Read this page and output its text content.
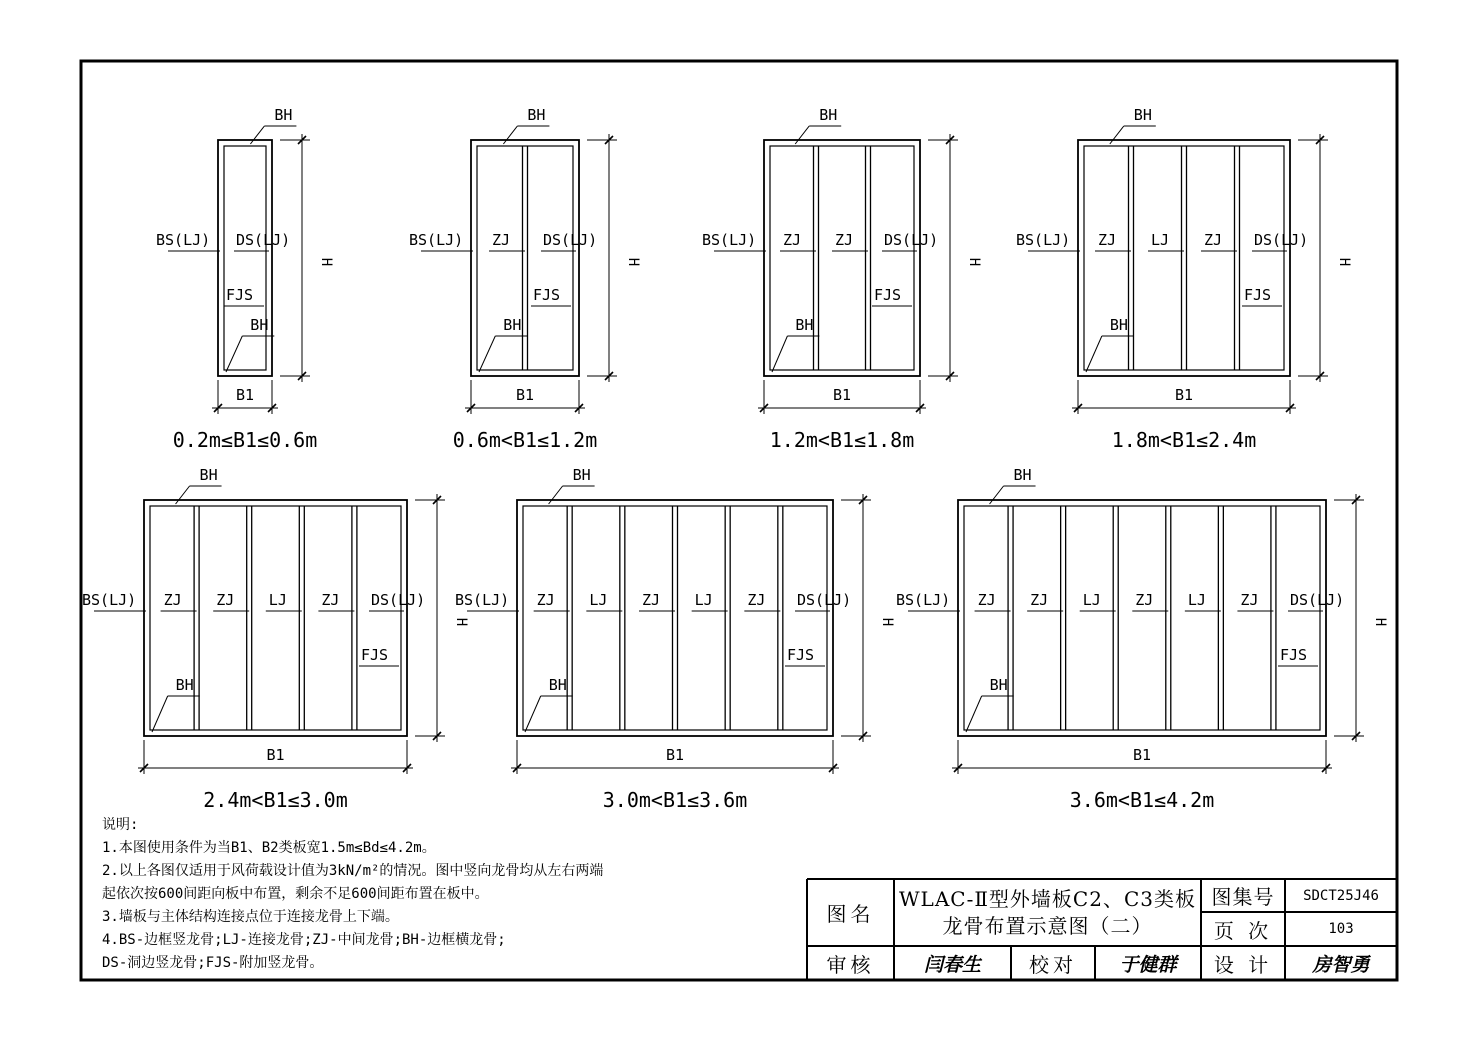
BH
BS(LJ) DS(LJ)
FJS
BH
H
B1
0.2m≤B1≤0.6m
BH
BS(LJ) ZJ DS(LJ)
FJS
BH
H
B1
0.6m<B1≤1.2m
BH
BS(LJ) ZJ ZJ DS(LJ)
FJS
BH
H
B1
1.2m<B1≤1.8m
BH
BS(LJ) ZJ LJ ZJ DS(LJ)
FJS
BH
H
B1
1.8m<B1≤2.4m
BH
BS(LJ) ZJ ZJ LJ ZJ DS(LJ)
FJS
BH
H
B1
2.4m<B1≤3.0m
BH
BS(LJ) ZJ LJ ZJ LJ ZJ DS(LJ)
FJS
BH
H
B1
3.0m<B1≤3.6m
BH
BS(LJ) ZJ ZJ LJ ZJ LJ ZJ DS(LJ)
FJS
BH
H
B1
3.6m<B1≤4.2m
说明:
1.本图使用条件为当B1、B2类板宽1.5m≤Bd≤4.2m。
2.以上各图仅适用于风荷载设计值为3kN/m²的情况。图中竖向龙骨均从左右两端
起依次按600间距向板中布置，剩余不足600间距布置在板中。
3.墙板与主体结构连接点位于连接龙骨上下端。
4.BS-边框竖龙骨;LJ-连接龙骨;ZJ-中间龙骨;BH-边框横龙骨;
DS-洞边竖龙骨;FJS-附加竖龙骨。
图名
WLAC-Ⅱ型外墙板C2、C3类板
龙骨布置示意图（二）
图集号	SDCT25J46
页 次	103
审核	闫春生	校对	于健群	设 计	房智勇
